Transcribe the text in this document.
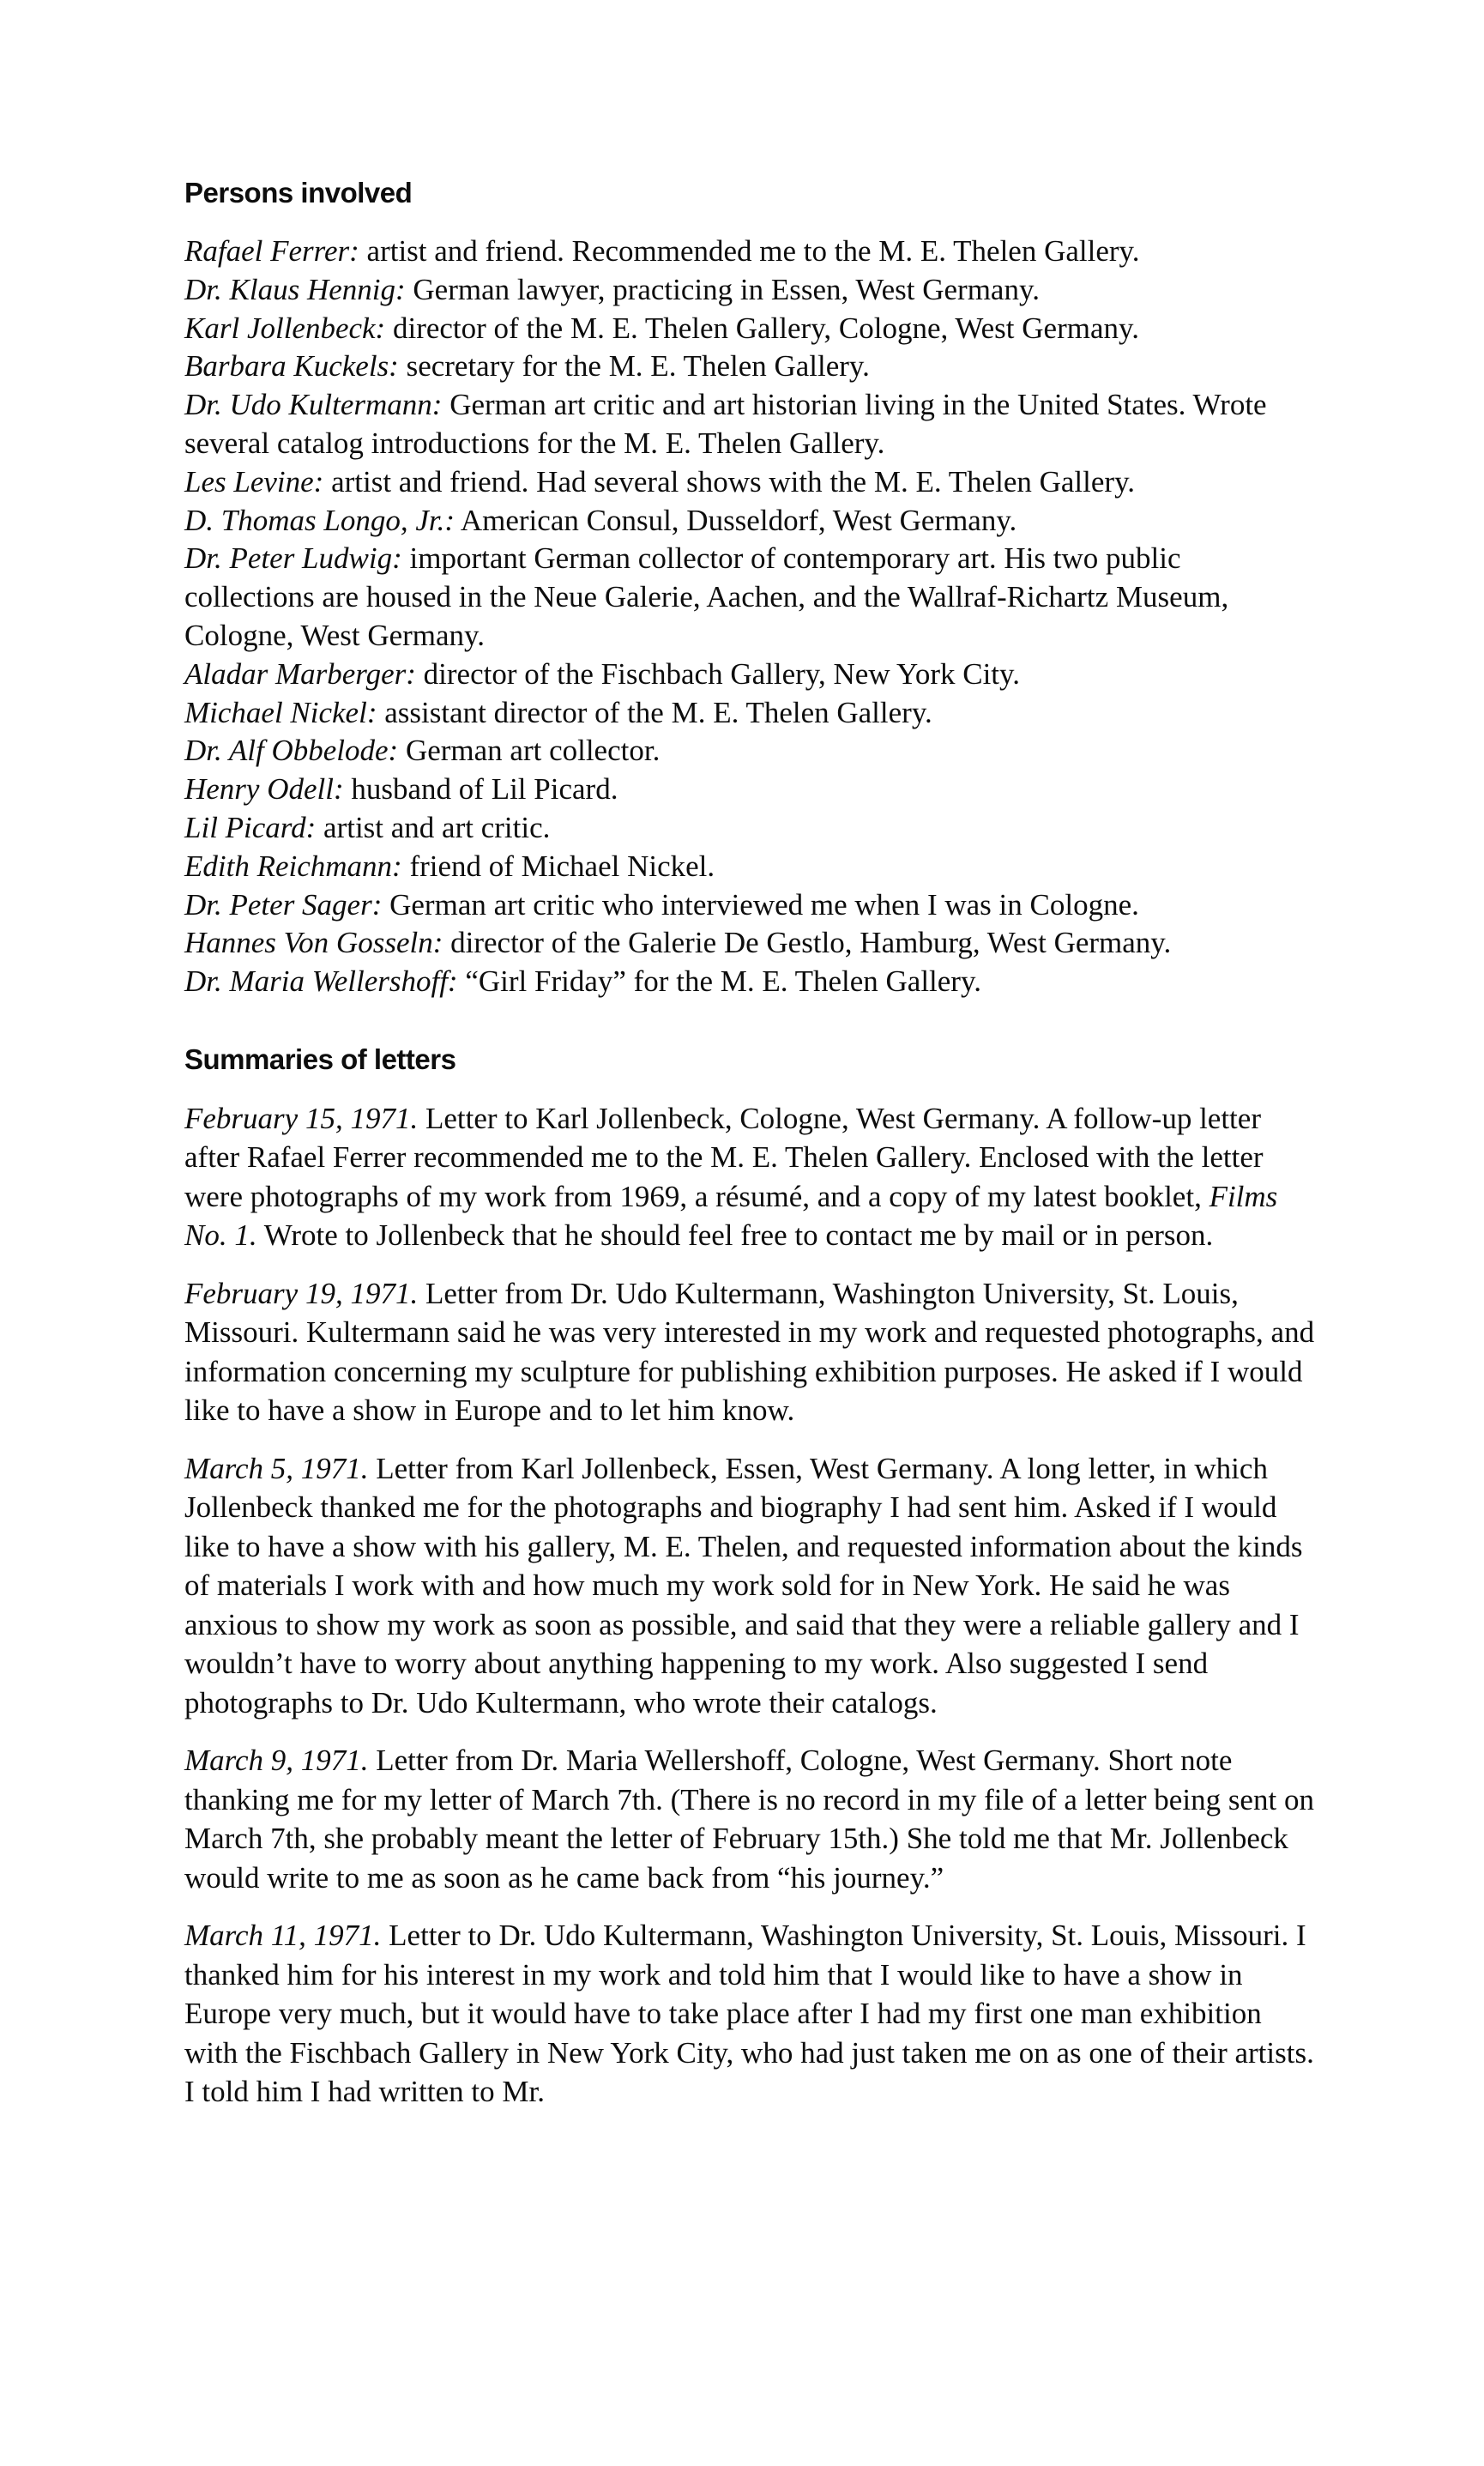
Persons involved
Rafael Ferrer: artist and friend. Recommended me to the M. E. Thelen Gallery.
Dr. Klaus Hennig: German lawyer, practicing in Essen, West Germany.
Karl Jollenbeck: director of the M. E. Thelen Gallery, Cologne, West Germany.
Barbara Kuckels: secretary for the M. E. Thelen Gallery.
Dr. Udo Kultermann: German art critic and art historian living in the United States. Wrote several catalog introductions for the M. E. Thelen Gallery.
Les Levine: artist and friend. Had several shows with the M. E. Thelen Gallery.
D. Thomas Longo, Jr.: American Consul, Dusseldorf, West Germany.
Dr. Peter Ludwig: important German collector of contemporary art. His two public collections are housed in the Neue Galerie, Aachen, and the Wallraf-Richartz Museum, Cologne, West Germany.
Aladar Marberger: director of the Fischbach Gallery, New York City.
Michael Nickel: assistant director of the M. E. Thelen Gallery.
Dr. Alf Obbelode: German art collector.
Henry Odell: husband of Lil Picard.
Lil Picard: artist and art critic.
Edith Reichmann: friend of Michael Nickel.
Dr. Peter Sager: German art critic who interviewed me when I was in Cologne.
Hannes Von Gosseln: director of the Galerie De Gestlo, Hamburg, West Germany.
Dr. Maria Wellershoff: “Girl Friday” for the M. E. Thelen Gallery.
Summaries of letters

February 15, 1971. Letter to Karl Jollenbeck, Cologne, West Germany. A follow-up letter after Rafael Ferrer recommended me to the M. E. Thelen Gallery. Enclosed with the letter were photographs of my work from 1969, a résumé, and a copy of my latest booklet, Films No. 1. Wrote to Jollenbeck that he should feel free to contact me by mail or in person.

February 19, 1971. Letter from Dr. Udo Kultermann, Washington University, St. Louis, Missouri. Kultermann said he was very interested in my work and requested photographs, and information concerning my sculpture for publishing exhibition purposes. He asked if I would like to have a show in Europe and to let him know.

March 5, 1971. Letter from Karl Jollenbeck, Essen, West Germany. A long letter, in which Jollenbeck thanked me for the photographs and biography I had sent him. Asked if I would like to have a show with his gallery, M. E. Thelen, and requested information about the kinds of materials I work with and how much my work sold for in New York. He said he was anxious to show my work as soon as possible, and said that they were a reliable gallery and I wouldn’t have to worry about anything happening to my work. Also suggested I send photographs to Dr. Udo Kultermann, who wrote their catalogs.

March 9, 1971. Letter from Dr. Maria Wellershoff, Cologne, West Germany. Short note thanking me for my letter of March 7th. (There is no record in my file of a letter being sent on March 7th, she probably meant the letter of February 15th.) She told me that Mr. Jollenbeck would write to me as soon as he came back from “his journey.”

March 11, 1971. Letter to Dr. Udo Kultermann, Washington University, St. Louis, Missouri. I thanked him for his interest in my work and told him that I would like to have a show in Europe very much, but it would have to take place after I had my first one man exhibition with the Fischbach Gallery in New York City, who had just taken me on as one of their artists. I told him I had written to Mr.
